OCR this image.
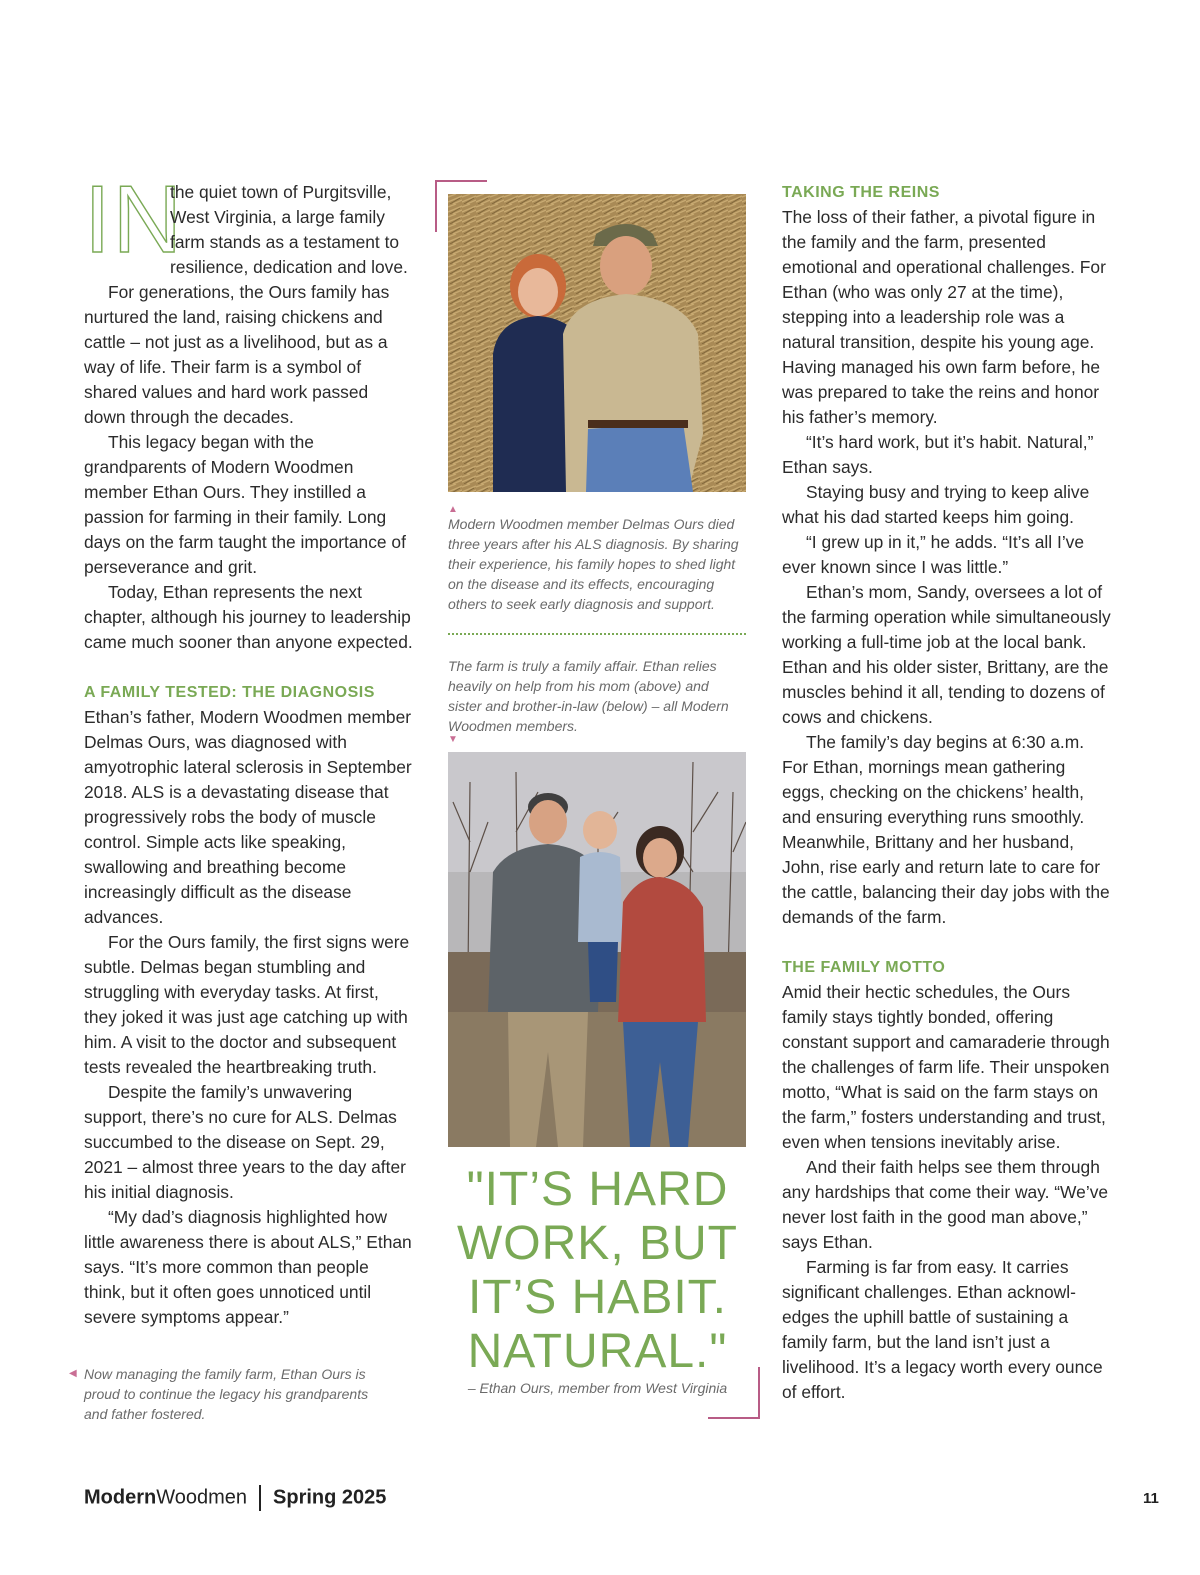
IN

the quiet town of Purgitsville, West Virginia, a large family farm stands as a testament to resilience, dedication and love.

For generations, the Ours family has nurtured the land, raising chickens and cattle – not just as a livelihood, but as a way of life. Their farm is a symbol of shared values and hard work passed down through the decades.

This legacy began with the grandparents of Modern Woodmen member Ethan Ours. They instilled a passion for farming in their family. Long days on the farm taught the importance of perseverance and grit.

Today, Ethan represents the next chapter, although his journey to leadership came much sooner than anyone expected.

A FAMILY TESTED: THE DIAGNOSIS

Ethan’s father, Modern Woodmen member Delmas Ours, was diagnosed with amyotrophic lateral sclerosis in September 2018. ALS is a devastating disease that progressively robs the body of muscle control. Simple acts like speaking, swallowing and breathing become increasingly difficult as the disease advances.

For the Ours family, the first signs were subtle. Delmas began stumbling and struggling with everyday tasks. At first, they joked it was just age catching up with him. A visit to the doctor and subsequent tests revealed the heartbreaking truth.

Despite the family’s unwavering support, there’s no cure for ALS. Delmas succumbed to the disease on Sept. 29, 2021 – almost three years to the day after his initial diagnosis.

“My dad’s diagnosis highlighted how little awareness there is about ALS,” Ethan says. “It’s more common than people think, but it often goes unnoticed until severe symptoms appear.”

◀ Now managing the family farm, Ethan Ours is proud to continue the legacy his grandparents and father fostered.
▲
Modern Woodmen member Delmas Ours died three years after his ALS diagnosis. By sharing their experience, his family hopes to shed light on the disease and its effects, encouraging others to seek early diagnosis and support.
The farm is truly a family affair. Ethan relies heavily on help from his mom (above) and sister and brother-in-law (below) – all Modern Woodmen members.
▼
"IT’S HARD WORK, BUT IT’S HABIT. NATURAL."
– Ethan Ours, member from West Virginia
TAKING THE REINS

The loss of their father, a pivotal figure in the family and the farm, presented emotional and operational challenges. For Ethan (who was only 27 at the time), stepping into a leadership role was a natural transition, despite his young age. Having managed his own farm before, he was prepared to take the reins and honor his father’s memory.

“It’s hard work, but it’s habit. Natural,” Ethan says.

Staying busy and trying to keep alive what his dad started keeps him going.

“I grew up in it,” he adds. “It’s all I’ve ever known since I was little.”

Ethan’s mom, Sandy, oversees a lot of the farming operation while simultaneously working a full-time job at the local bank. Ethan and his older sister, Brittany, are the muscles behind it all, tending to dozens of cows and chickens.

The family’s day begins at 6:30 a.m. For Ethan, mornings mean gathering eggs, checking on the chickens’ health, and ensuring everything runs smoothly. Meanwhile, Brittany and her husband, John, rise early and return late to care for the cattle, balancing their day jobs with the demands of the farm.

THE FAMILY MOTTO

Amid their hectic schedules, the Ours family stays tightly bonded, offering constant support and camaraderie through the challenges of farm life. Their unspoken motto, “What is said on the farm stays on the farm,” fosters understanding and trust, even when tensions inevitably arise.

And their faith helps see them through any hardships that come their way. “We’ve never lost faith in the good man above,” says Ethan.

Farming is far from easy. It carries significant challenges. Ethan acknowl-edges the uphill battle of sustaining a family farm, but the land isn’t just a livelihood. It’s a legacy worth every ounce of effort.

ModernWoodmen Spring 2025	11
